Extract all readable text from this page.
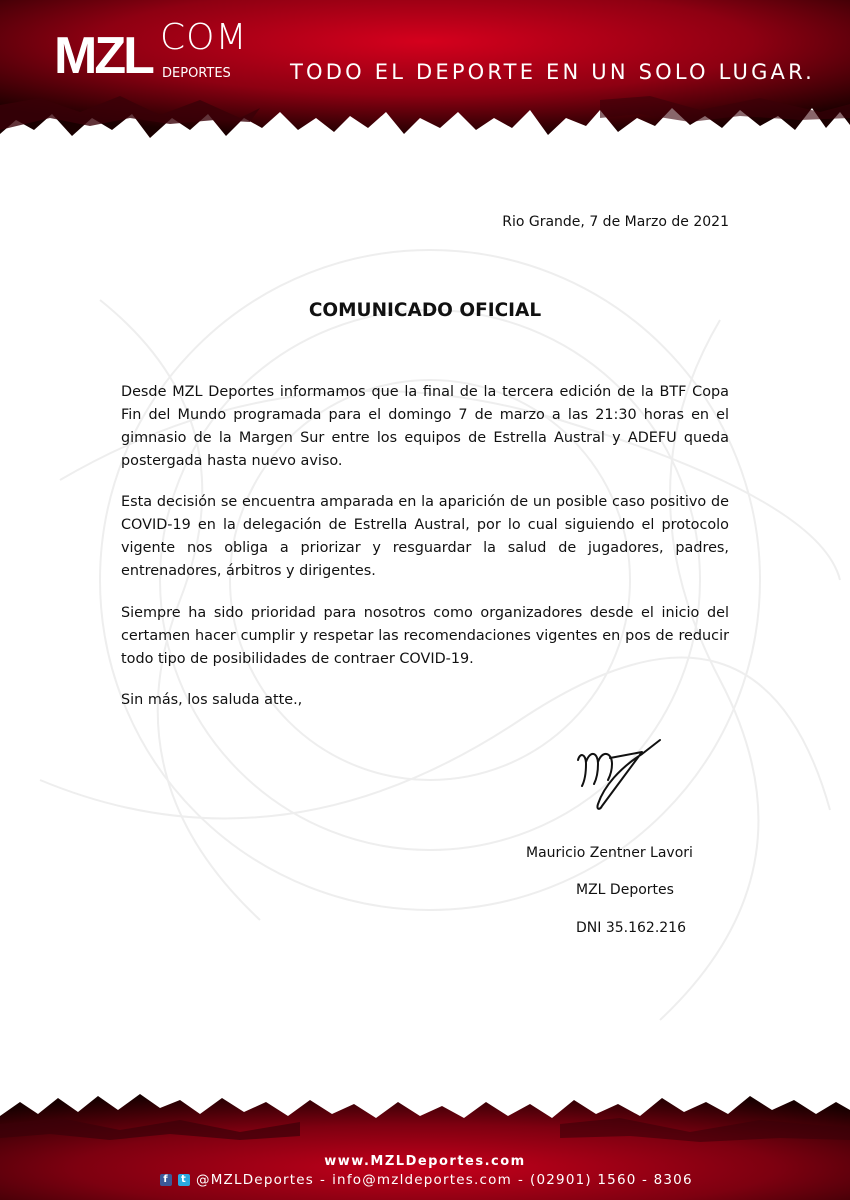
MZL COM
DEPORTES	TODO EL DEPORTE EN UN SOLO LUGAR.
Rio Grande, 7 de Marzo de 2021
COMUNICADO OFICIAL
Desde MZL Deportes informamos que la final de la tercera edición de la BTF Copa Fin del Mundo programada para el domingo 7 de marzo a las 21:30 horas en el gimnasio de la Margen Sur entre los equipos de Estrella Austral y ADEFU queda postergada hasta nuevo aviso.
Esta decisión se encuentra amparada en la aparición de un posible caso positivo de COVID-19 en la delegación de Estrella Austral, por lo cual siguiendo el protocolo vigente nos obliga a priorizar y resguardar la salud de jugadores, padres, entrenadores, árbitros y dirigentes.
Siempre ha sido prioridad para nosotros como organizadores desde el inicio del certamen hacer cumplir y respetar las recomendaciones vigentes en pos de reducir todo tipo de posibilidades de contraer COVID-19.
Sin más, los saluda atte.,
Mauricio Zentner Lavori
MZL Deportes
DNI 35.162.216
www.MZLDeportes.com
f	t @MZLDeportes - info@mzldeportes.com - (02901) 1560 - 8306
